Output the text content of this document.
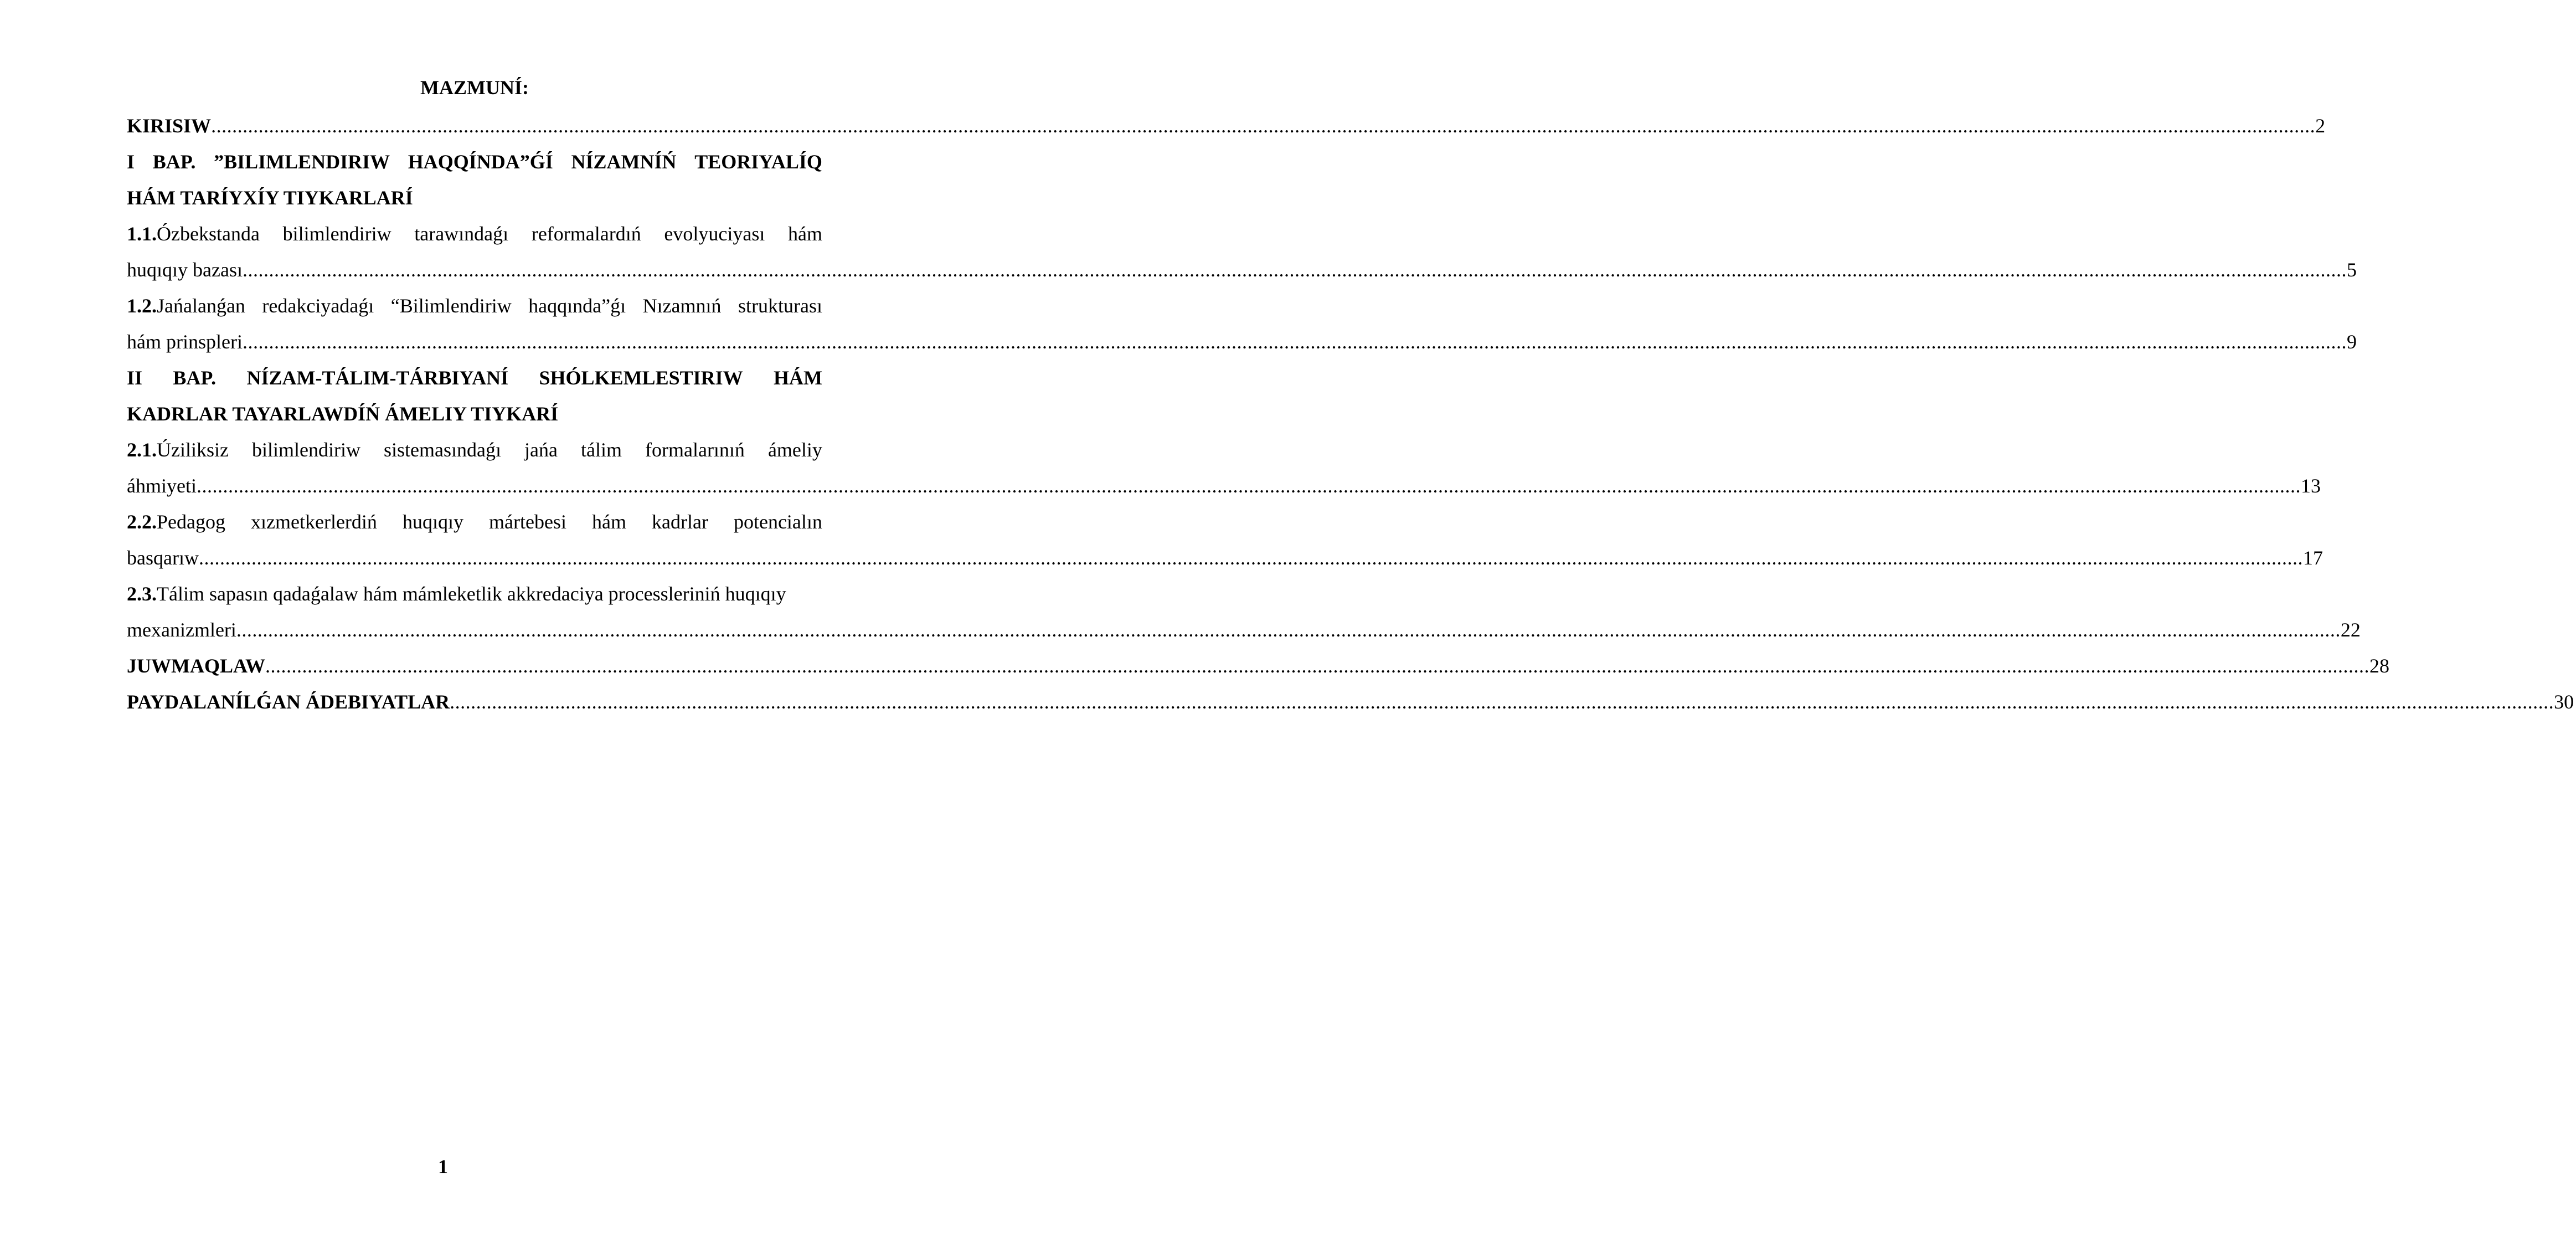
MAZMUNÍ:
KIRISIW ................................................................................................................................................................................................................................................................................................................................................................................................................ 2
I BAP. ”BILIMLENDIRIW HAQQÍNDA”ǴÍ NÍZAMNÍŃ TEORIYALÍQ
HÁM TARÍYXÍY TIYKARLARÍ
1.1.Ózbekstanda bilimlendiriw tarawındaǵı reformalardıń evolyuciyası hám
huqıqıy bazası ................................................................................................................................................................................................................................................................................................................................................................................................................ 5
1.2.Jańalanǵan redakciyadaǵı “Bilimlendiriw haqqında”ǵı Nızamnıń strukturası
hám prinspleri ................................................................................................................................................................................................................................................................................................................................................................................................................ 9
II BAP. NÍZAM-TÁLIM-TÁRBIYANÍ SHÓLKEMLESTIRIW HÁM
KADRLAR TAYARLAWDÍŃ ÁMELIY TIYKARÍ
2.1.Úziliksiz bilimlendiriw sistemasındaǵı jańa tálim formalarınıń ámeliy
áhmiyeti ................................................................................................................................................................................................................................................................................................................................................................................................................ 13
2.2.Pedagog xızmetkerlerdiń huqıqıy mártebesi hám kadrlar potencialın
basqarıw ................................................................................................................................................................................................................................................................................................................................................................................................................ 17
2.3.Tálim sapasın qadaǵalaw hám mámleketlik akkredaciya processleriniń huqıqıy
mexanizmleri ................................................................................................................................................................................................................................................................................................................................................................................................................ 22
JUWMAQLAW ................................................................................................................................................................................................................................................................................................................................................................................................................ 28
PAYDALANÍLǴAN ÁDEBIYATLAR ................................................................................................................................................................................................................................................................................................................................................................................................................ 30
1
